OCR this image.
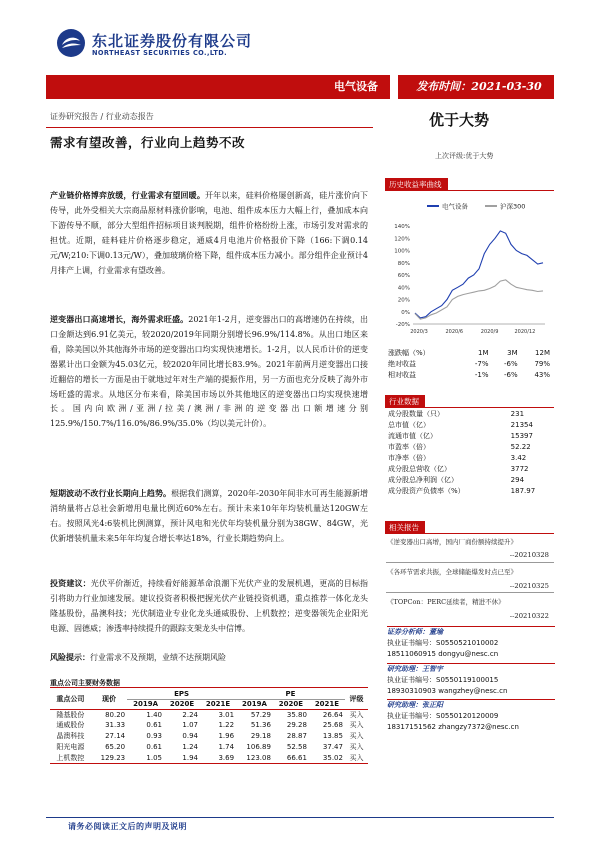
东北证券股份有限公司
NORTHEAST SECURITIES CO.,LTD.
电气设备	发布时间：2021-03-30
证券研究报告 / 行业动态报告	优于大势
需求有望改善，行业向上趋势不改
上次评级:优于大势
产业链价格博弈放缓，行业需求有望回暖。开年以来，硅料价格屡创新高，硅片涨价向下传导，此外受相关大宗商品原材料涨价影响，电池、组件成本压力大幅上行，叠加成本向下游传导不顺，部分大型组件招标项目谈判脱期，组件价格纷纷上涨，市场引发对需求的担忧。近期，硅料硅片价格逐步稳定，通威4月电池片价格报价下降（166:下调0.14元/W;210:下调0.13元/W），叠加玻璃价格下降，组件成本压力减小。部分组件企业预计4月排产上调，行业需求有望改善。
逆变器出口高速增长，海外需求旺盛。2021年1-2月，逆变器出口的高增速仍在持续，出口金额达到6.91亿美元，较2020/2019年同期分别增长96.9%/114.8%。从出口地区来看，除美国以外其他海外市场的逆变器出口均实现快速增长。1-2月，以人民币计价的逆变器累计出口金额为45.03亿元，较2020年同比增长83.9%。2021年前两月逆变器出口接近翻倍的增长一方面是由于就地过年对生产端的提振作用，另一方面也充分反映了海外市场旺盛的需求。从地区分布来看，除美国市场以外其他地区的逆变器出口均实现快速增长。国内向欧洲/亚洲/拉美/澳洲/非洲的逆变器出口额增速分别125.9%/150.7%/116.0%/86.9%/35.0%（均以美元计价）。
短期波动不改行业长期向上趋势。根据我们测算，2020年-2030年间非水可再生能源新增消纳量将占总社会新增用电量比例近60%左右。预计未来10年年均装机量达120GW左右。按照风光4:6装机比例测算，预计风电和光伏年均装机量分别为38GW、84GW，光伏新增装机量未来5年年均复合增长率达18%，行业长期趋势向上。
投资建议：光伏平价渐近，持续看好能源革命浪潮下光伏产业的发展机遇，更高的目标指引将助力行业加速发展。建议投资者积极把握光伏产业链投资机遇，重点推荐一体化龙头隆基股份，晶澳科技；光伏制造业专业化龙头通威股份、上机数控；逆变器领先企业阳光电源、固德威；渗透率持续提升的跟踪支架龙头中信博。
风险提示：行业需求不及预期，业绩不达预期风险
历史收益率曲线
-20%
0%
20%
40%
60%
80%
100%
120%
140%
2020/3	2020/6	2020/9	2020/12
电气设备	沪深300
涨跌幅（%）	1M	3M	12M
绝对收益	-7%	-6%	79%
相对收益	-1%	-6%	43%
行业数据
成分股数量（只）	231
总市值（亿）	21354
流通市值（亿）	15397
市盈率（倍）	52.22
市净率（倍）	3.42
成分股总营收（亿）	3772
成分股总净利润（亿）	294
成分股资产负债率（%）	187.97
相关报告
《逆变器出口高增，国内厂商份额持续提升》
--20210328
《各环节需求共振，全球储能爆发时点已至》
--20210325
《TOPCon：PERC延续者，精进不休》
--20210322
证券分析师：董瑜
执业证书编号：S0550521010002
18511060915 dongyu@nesc.cn
研究助理：王智宇
执业证书编号：S0550119100015
18930310903 wangzhey@nesc.cn
研究助理：张正阳
执业证书编号：S0550120120009
18317151562 zhangzy7372@nesc.cn
重点公司主要财务数据
重点公司	现价	EPS			PE			评级
		2019A	2020E	2021E	2019A	2020E	2021E	
隆基股份	80.20	1.40	2.24	3.01	57.29	35.80	26.64	买入
通威股份	31.33	0.61	1.07	1.22	51.36	29.28	25.68	买入
晶澳科技	27.14	0.93	0.94	1.96	29.18	28.87	13.85	买入
阳光电源	65.20	0.61	1.24	1.74	106.89	52.58	37.47	买入
上机数控	129.23	1.05	1.94	3.69	123.08	66.61	35.02	买入
请务必阅读正文后的声明及说明
